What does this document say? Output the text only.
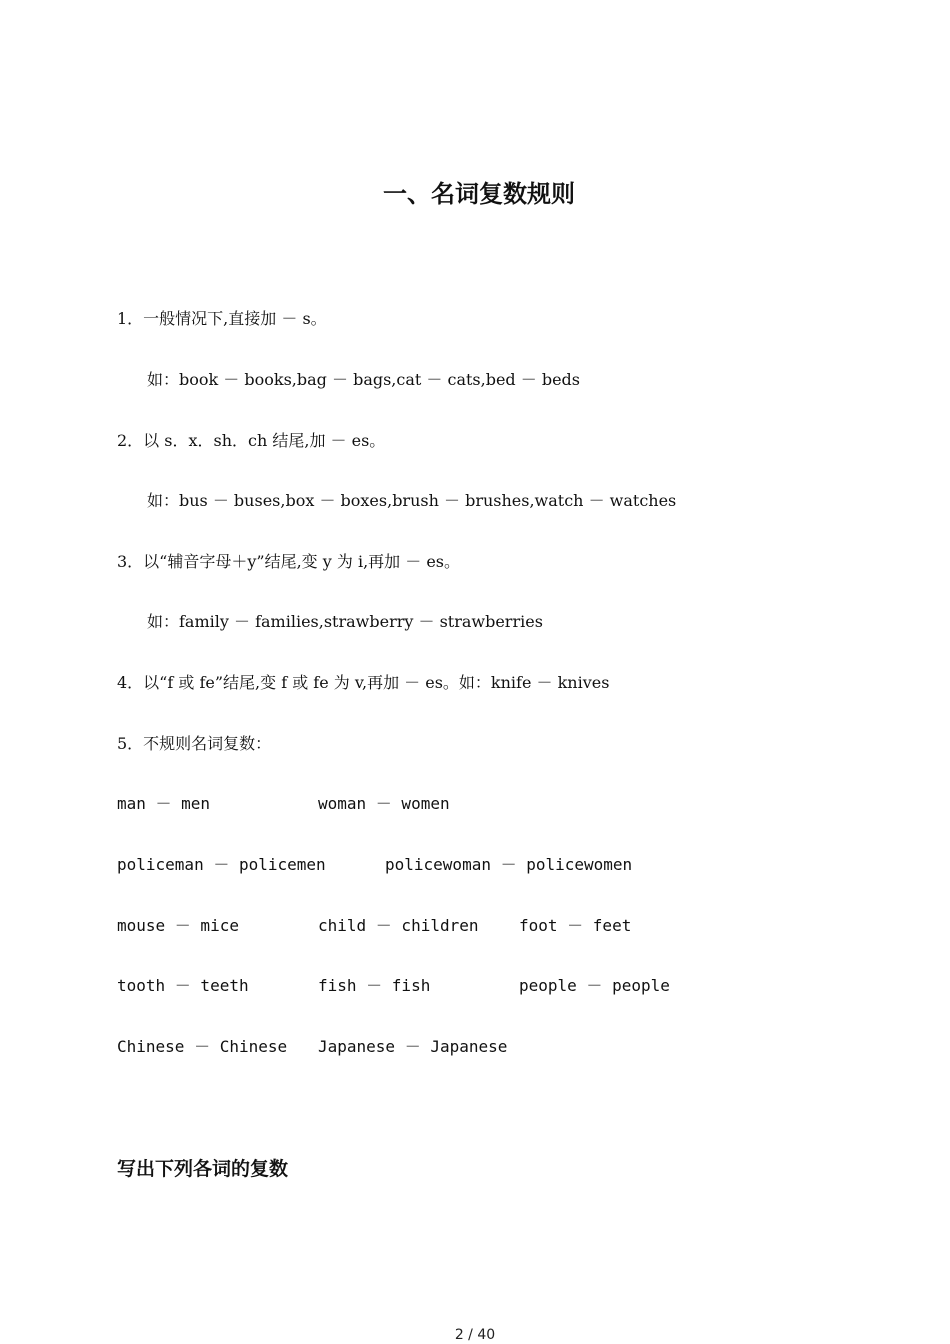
一、名词复数规则

1．一般情况下,直接加 － s。

如：book － books,bag － bags,cat － cats,bed － beds

2．以 s．x．sh．ch 结尾,加 － es。

如：bus － buses,box － boxes,brush － brushes,watch － watches

3．以“辅音字母＋y”结尾,变 y 为 i,再加 － es。

如：family － families,strawberry － strawberries

4．以“f 或 fe”结尾,变 f 或 fe 为 v,再加 － es。如：knife － knives

5．不规则名词复数：

man － men	woman － women
policeman － policemen	policewoman － policewomen
mouse － mice	child － children	foot － feet
tooth － teeth	fish － fish	people － people
Chinese － Chinese Japanese － Japanese
写出下列各词的复数
2 / 40
